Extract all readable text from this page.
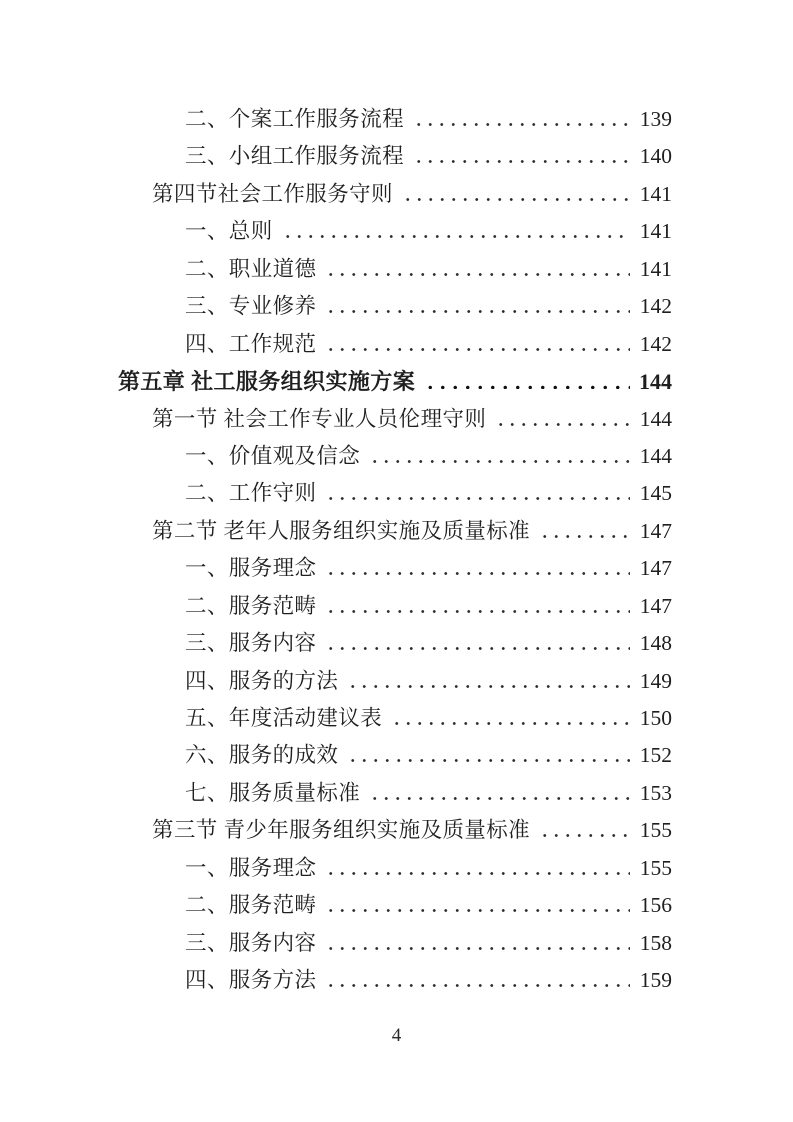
二、个案工作服务流程	139
三、小组工作服务流程	140
第四节社会工作服务守则	141
一、总则	141
二、职业道德	141
三、专业修养	142
四、工作规范	142
第五章 社工服务组织实施方案	144
第一节 社会工作专业人员伦理守则	144
一、价值观及信念	144
二、工作守则	145
第二节 老年人服务组织实施及质量标准	147
一、服务理念	147
二、服务范畴	147
三、服务内容	148
四、服务的方法	149
五、年度活动建议表	150
六、服务的成效	152
七、服务质量标准	153
第三节 青少年服务组织实施及质量标准	155
一、服务理念	155
二、服务范畴	156
三、服务内容	158
四、服务方法	159
4
